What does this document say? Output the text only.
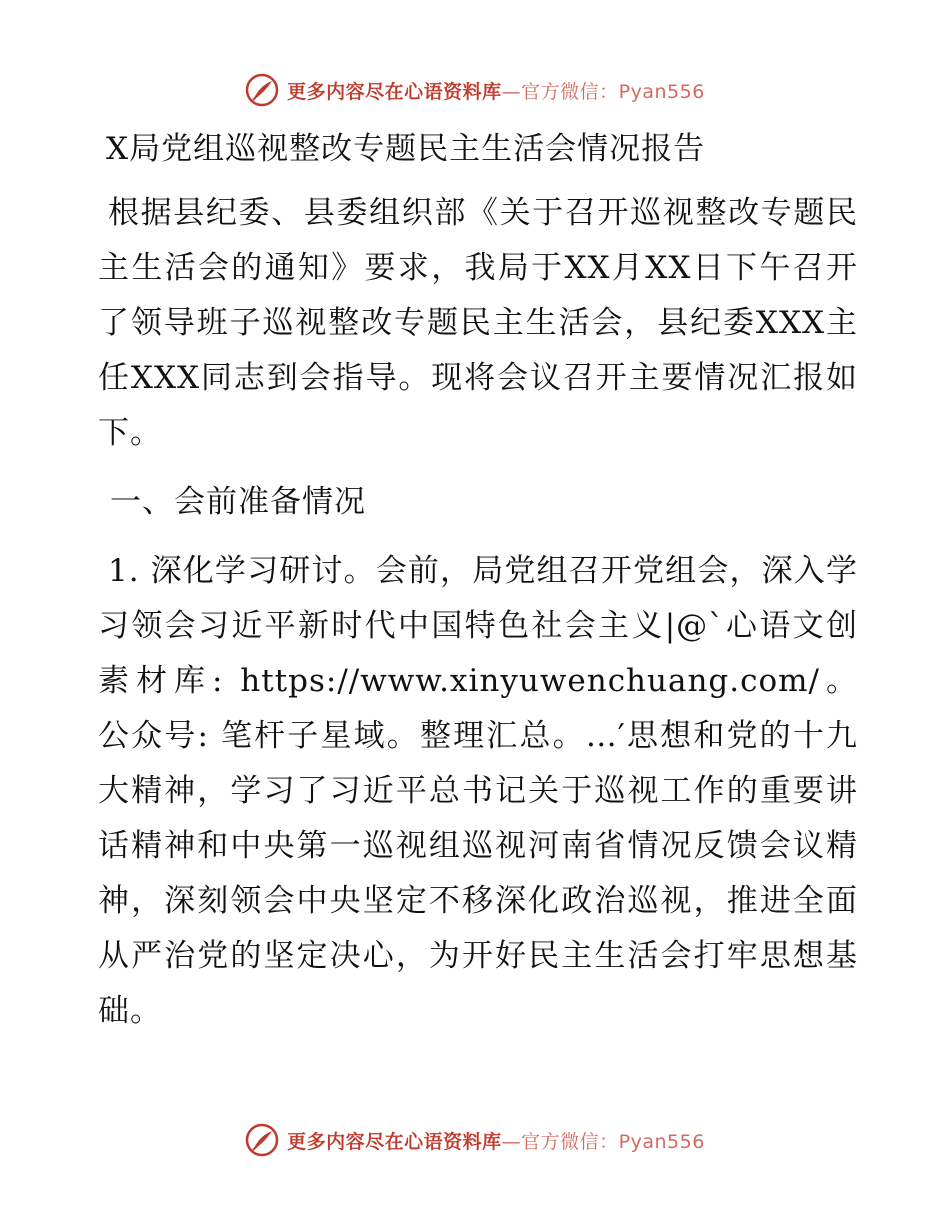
更多内容尽在心语资料库—官方微信：Pyan556
X局党组巡视整改专题民主生活会情况报告

根据县纪委、县委组织部《关于召开巡视整改专题民主生活会的通知》要求，我局于XX月XX日下午召开了领导班子巡视整改专题民主生活会，县纪委XXX主任XXX同志到会指导。现将会议召开主要情况汇报如下。

一、会前准备情况

1. 深化学习研讨。会前，局党组召开党组会，深入学习领会习近平新时代中国特色社会主义|@`心语文创素材库: https://www.xinyuwenchuang.com/。公众号: 笔杆子星域。整理汇总。…′思想和党的十九大精神，学习了习近平总书记关于巡视工作的重要讲话精神和中央第一巡视组巡视河南省情况反馈会议精神，深刻领会中央坚定不移深化政治巡视，推进全面从严治党的坚定决心，为开好民主生活会打牢思想基础。

更多内容尽在心语资料库—官方微信：Pyan556
